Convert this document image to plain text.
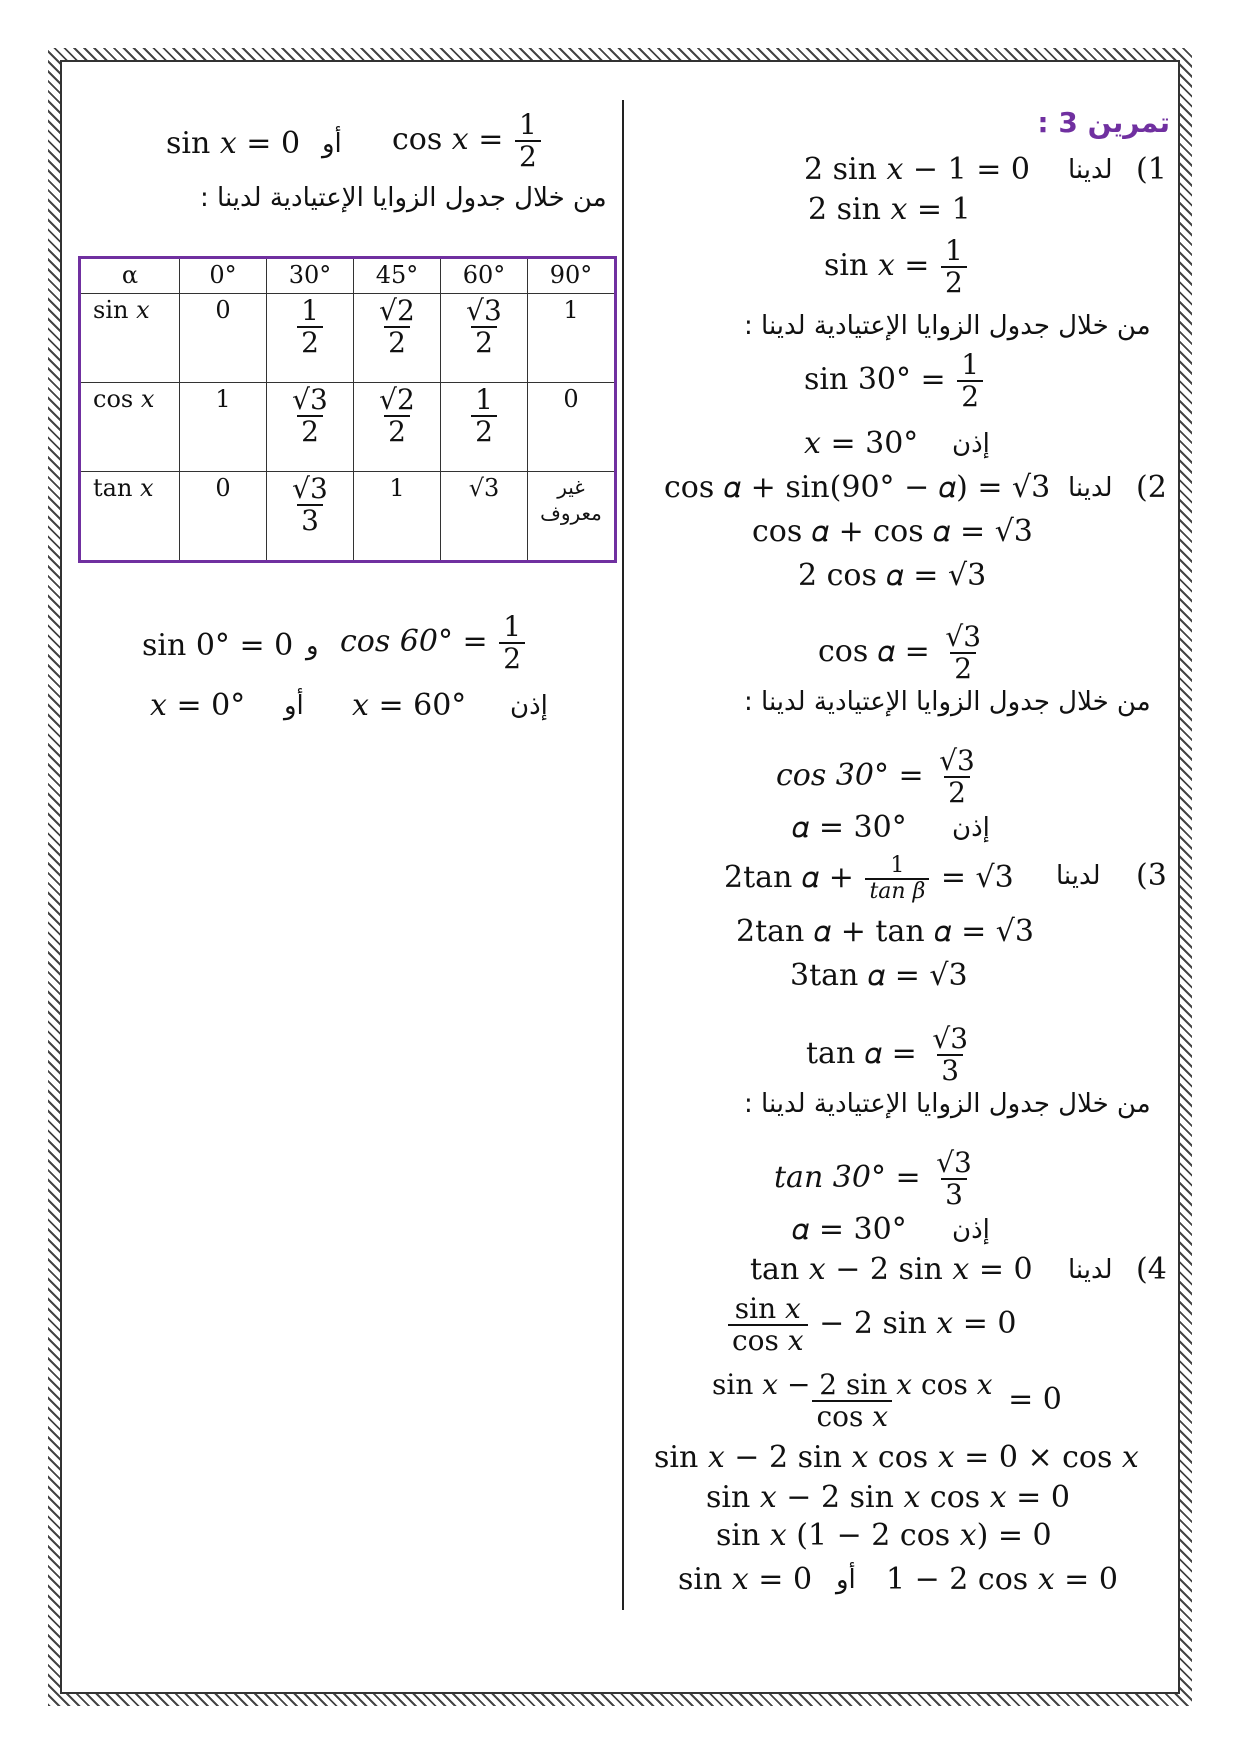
تمرين 3 :
(1
لدينا
2 sin 𝑥 − 1 = 0
2 sin 𝑥 = 1
sin 𝑥 = $\frac{1}{2}$
من خلال جدول الزوايا الإعتيادية لدينا :
$\sin 30^\circ = \frac{1}{2}$
إذن
𝑥 = 30°
(2
لدينا
cos 𝛼 + sin(90° − 𝛼) = √3
cos 𝛼 + cos 𝛼 = √3
2 cos 𝛼 = √3
cos 𝛼 = $\frac{√3}{2}$
من خلال جدول الزوايا الإعتيادية لدينا :
$\cos 30^\circ = \frac{√3}{2}$
إذن
𝛼 = 30°
(3
لدينا
2tan 𝛼 + $\frac{1}{\text{tan β}} = √3$
2tan 𝛼 + tan 𝛼 = √3
3tan 𝛼 = √3
tan 𝛼 = $\frac{√3}{3}$
من خلال جدول الزوايا الإعتيادية لدينا :
$\tan 30^\circ = \frac{√3}{3}$
إذن
𝛼 = 30°
(4
لدينا
tan 𝑥 − 2 sin 𝑥 = 0
$\frac{\text{sin 𝑥}}{\text{cos 𝑥}} - 2$ sin 𝑥 = 0
$\frac{\text{sin 𝑥 − 2 sin 𝑥 cos 𝑥}}{\text{cos 𝑥}} = 0$
sin 𝑥 − 2 sin 𝑥 cos 𝑥 = 0 × cos 𝑥
sin 𝑥 − 2 sin 𝑥 cos 𝑥 = 0
sin 𝑥 (1 − 2 cos 𝑥) = 0
sin 𝑥 = 0 أو 1 − 2 cos 𝑥 = 0
sin 𝑥 = 0 أو cos 𝑥 = $\frac{1}{2}$
من خلال جدول الزوايا الإعتيادية لدينا :
α	0°	30°	45°	60°	90°
sin 𝑥	0	$\frac{1}{2}$	$\frac{√2}{2}$	$\frac{√3}{2}$	1
cos 𝑥	1	$\frac{√3}{2}$	$\frac{√2}{2}$	$\frac{1}{2}$	0
tan 𝑥	0	$\frac{√3}{3}$	1	√3	غير معروف
sin 0° = 0 و $\cos 60^\circ = \frac{1}{2}$
𝑥 = 0° أو 𝑥 = 60° إذن
